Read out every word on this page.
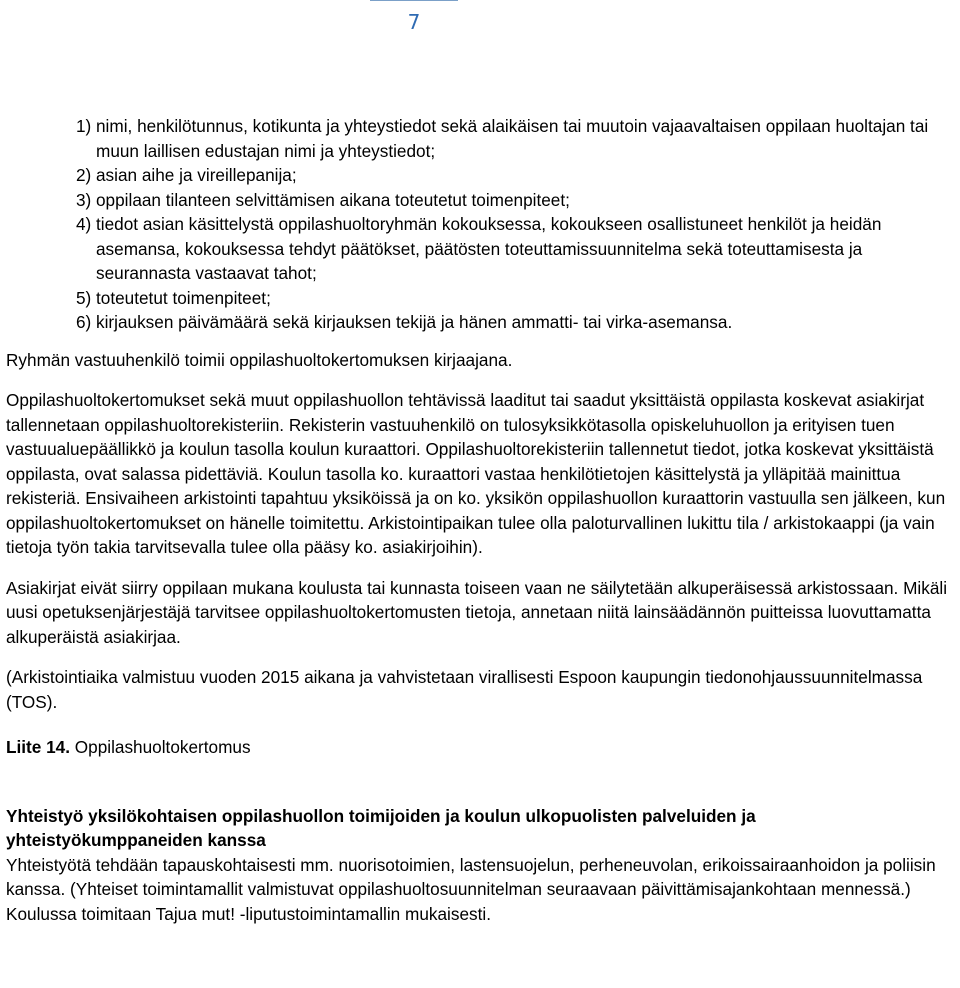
7
1) nimi, henkilötunnus, kotikunta ja yhteystiedot sekä alaikäisen tai muutoin vajaavaltaisen oppilaan huoltajan tai muun laillisen edustajan nimi ja yhteystiedot;
2) asian aihe ja vireillepanija;
3) oppilaan tilanteen selvittämisen aikana toteutetut toimenpiteet;
4) tiedot asian käsittelystä oppilashuoltoryhmän kokouksessa, kokoukseen osallistuneet henkilöt ja heidän asemansa, kokouksessa tehdyt päätökset, päätösten toteuttamissuunnitelma sekä toteuttamisesta ja seurannasta vastaavat tahot;
5) toteutetut toimenpiteet;
6) kirjauksen päivämäärä sekä kirjauksen tekijä ja hänen ammatti- tai virka-asemansa.

Ryhmän vastuuhenkilö toimii oppilashuoltokertomuksen kirjaajana.

Oppilashuoltokertomukset sekä muut oppilashuollon tehtävissä laaditut tai saadut yksittäistä oppilasta koskevat asiakirjat tallennetaan oppilashuoltorekisteriin. Rekisterin vastuuhenkilö on tulosyksikkötasolla opiskeluhuollon ja erityisen tuen vastuualuepäällikkö ja koulun tasolla koulun kuraattori. Oppilashuoltorekisteriin tallennetut tiedot, jotka koskevat yksittäistä oppilasta, ovat salassa pidettäviä. Koulun tasolla ko. kuraattori vastaa henkilötietojen käsittelystä ja ylläpitää mainittua rekisteriä. Ensivaiheen arkistointi tapahtuu yksiköissä ja on ko. yksikön oppilashuollon kuraattorin vastuulla sen jälkeen, kun oppilashuoltokertomukset on hänelle toimitettu. Arkistointipaikan tulee olla paloturvallinen lukittu tila / arkistokaappi (ja vain tietoja työn takia tarvitsevalla tulee olla pääsy ko. asiakirjoihin).

Asiakirjat eivät siirry oppilaan mukana koulusta tai kunnasta toiseen vaan ne säilytetään alkuperäisessä arkistossaan. Mikäli uusi opetuksenjärjestäjä tarvitsee oppilashuoltokertomusten tietoja, annetaan niitä lainsäädännön puitteissa luovuttamatta alkuperäistä asiakirjaa.

(Arkistointiaika valmistuu vuoden 2015 aikana ja vahvistetaan virallisesti Espoon kaupungin tiedonohjaussuunnitelmassa (TOS).

Liite 14. Oppilashuoltokertomus

Yhteistyö yksilökohtaisen oppilashuollon toimijoiden ja koulun ulkopuolisten palveluiden ja yhteistyökumppaneiden kanssa

Yhteistyötä tehdään tapauskohtaisesti mm. nuorisotoimien, lastensuojelun, perheneuvolan, erikoissairaanhoidon ja poliisin kanssa. (Yhteiset toimintamallit valmistuvat oppilashuoltosuunnitelman seuraavaan päivittämisajankohtaan mennessä.)

Koulussa toimitaan Tajua mut! -liputustoimintamallin mukaisesti.
